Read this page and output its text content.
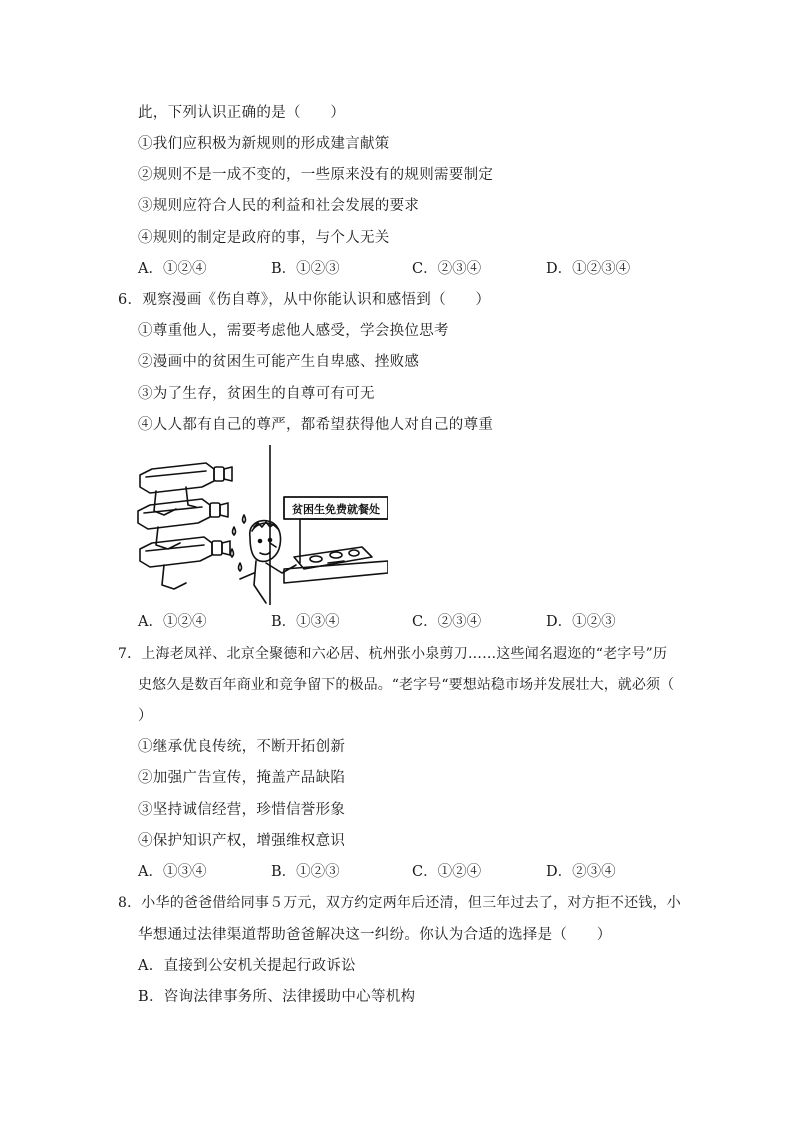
此，下列认识正确的是（　　）
①我们应积极为新规则的形成建言献策
②规则不是一成不变的，一些原来没有的规则需要制定
③规则应符合人民的利益和社会发展的要求
④规则的制定是政府的事，与个人无关
A．①②④	B．①②③	C．②③④	D．①②③④
6．观察漫画《伤自尊》，从中你能认识和感悟到（　　）
①尊重他人，需要考虑他人感受，学会换位思考
②漫画中的贫困生可能产生自卑感、挫败感
③为了生存，贫困生的自尊可有可无
④人人都有自己的尊严，都希望获得他人对自己的尊重
贫困生免费就餐处
A．①②④	B．①③④	C．②③④	D．①②③
7．上海老凤祥、北京全聚德和六必居、杭州张小泉剪刀……这些闻名遐迩的“老字号”历
史悠久是数百年商业和竞争留下的极品。“老字号“要想站稳市场并发展壮大，就必须（
）
①继承优良传统，不断开拓创新
②加强广告宣传，掩盖产品缺陷
③坚持诚信经营，珍惜信誉形象
④保护知识产权，增强维权意识
A．①③④	B．①②③	C．①②④	D．②③④
8．小华的爸爸借给同事５万元，双方约定两年后还清，但三年过去了，对方拒不还钱，小
华想通过法律渠道帮助爸爸解决这一纠纷。你认为合适的选择是（　　）
A．直接到公安机关提起行政诉讼
B．咨询法律事务所、法律援助中心等机构
